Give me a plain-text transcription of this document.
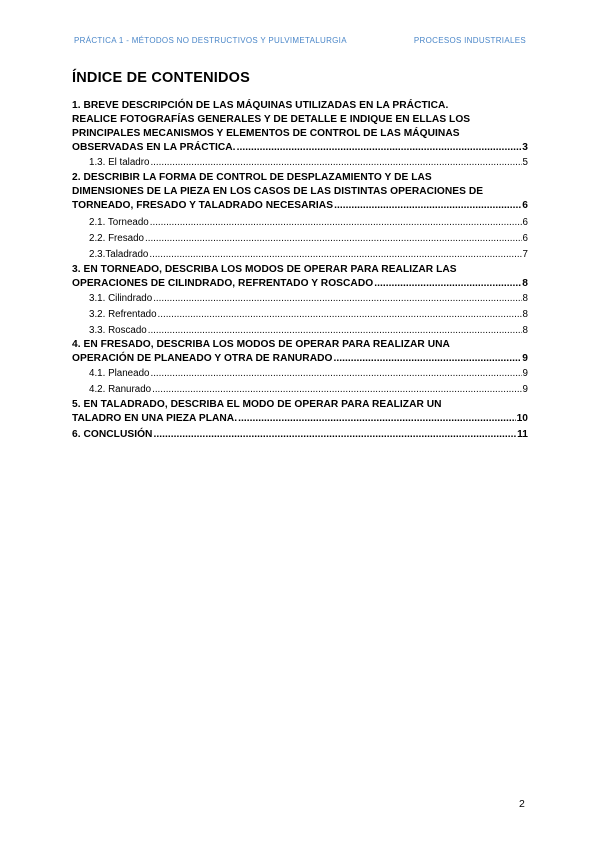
PRÁCTICA 1 - MÉTODOS NO DESTRUCTIVOS Y PULVIMETALURGIA	PROCESOS INDUSTRIALES
ÍNDICE DE CONTENIDOS
1. BREVE DESCRIPCIÓN DE LAS MÁQUINAS UTILIZADAS EN LA PRÁCTICA.
REALICE FOTOGRAFÍAS GENERALES Y DE DETALLE E INDIQUE EN ELLAS LOS
PRINCIPALES MECANISMOS Y ELEMENTOS DE CONTROL DE LAS MÁQUINAS
OBSERVADAS EN LA PRÁCTICA. .....	3
1.3. El taladro .....	5
2. DESCRIBIR LA FORMA DE CONTROL DE DESPLAZAMIENTO Y DE LAS
DIMENSIONES DE LA PIEZA EN LOS CASOS DE LAS DISTINTAS OPERACIONES DE
TORNEADO, FRESADO Y TALADRADO NECESARIAS .....	6
2.1. Torneado .....	6
2.2. Fresado .....	6
2.3.Taladrado .....	7
3. EN TORNEADO, DESCRIBA LOS MODOS DE OPERAR PARA REALIZAR LAS
OPERACIONES DE CILINDRADO, REFRENTADO Y ROSCADO .....	8
3.1. Cilindrado .....	8
3.2. Refrentado .....	8
3.3. Roscado .....	8
4. EN FRESADO, DESCRIBA LOS MODOS DE OPERAR PARA REALIZAR UNA
OPERACIÓN DE PLANEADO Y OTRA DE RANURADO .....	9
4.1. Planeado .....	9
4.2. Ranurado .....	9
5. EN TALADRADO, DESCRIBA EL MODO DE OPERAR PARA REALIZAR UN
TALADRO EN UNA PIEZA PLANA. .....	10
6. CONCLUSIÓN .....	11
2
